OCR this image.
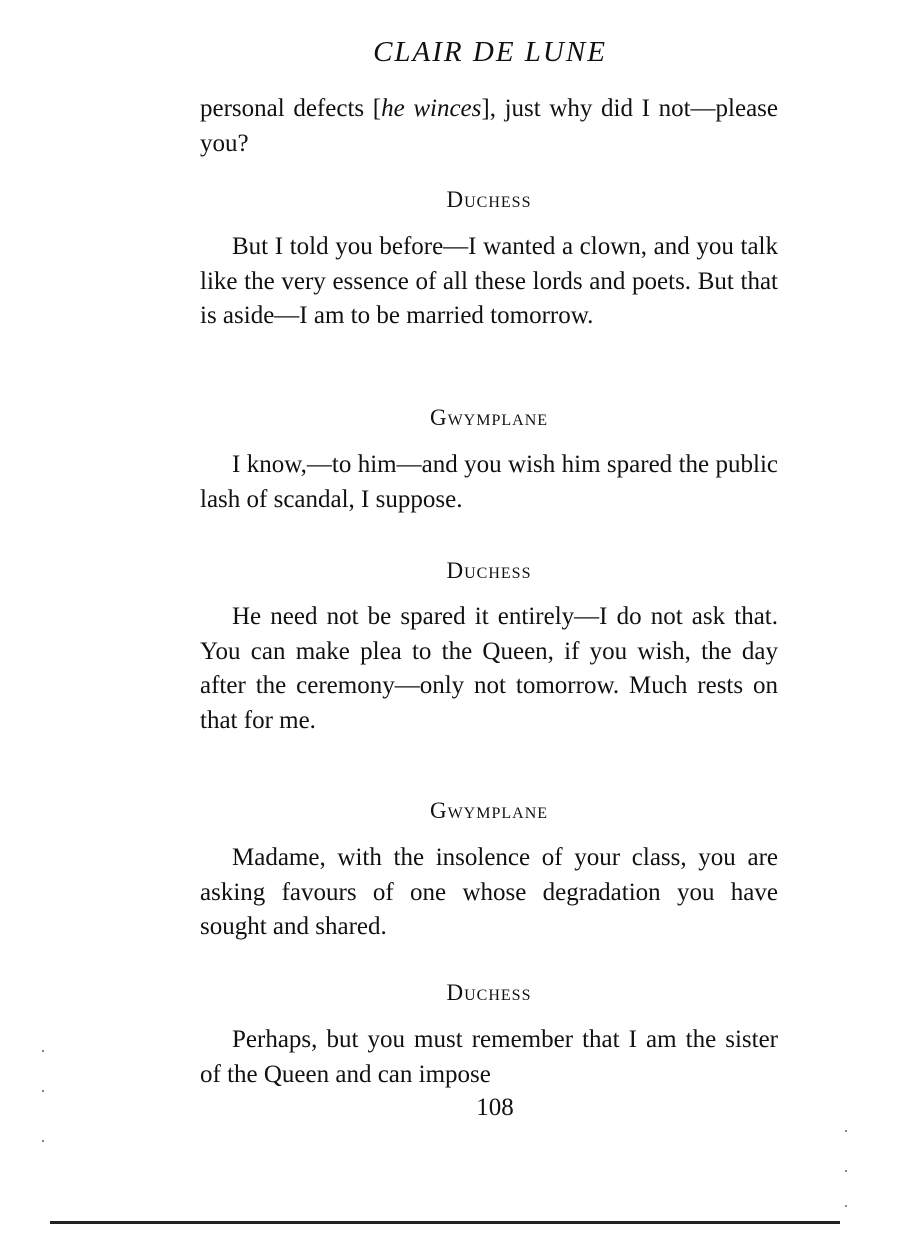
CLAIR DE LUNE
personal defects [he winces], just why did I not—please you?
Duchess
But I told you before—I wanted a clown, and you talk like the very essence of all these lords and poets. But that is aside—I am to be married tomorrow.
Gwymplane
I know,—to him—and you wish him spared the public lash of scandal, I suppose.
Duchess
He need not be spared it entirely—I do not ask that. You can make plea to the Queen, if you wish, the day after the ceremony—only not tomorrow. Much rests on that for me.
Gwymplane
Madame, with the insolence of your class, you are asking favours of one whose degradation you have sought and shared.
Duchess
Perhaps, but you must remember that I am the sister of the Queen and can impose
108
